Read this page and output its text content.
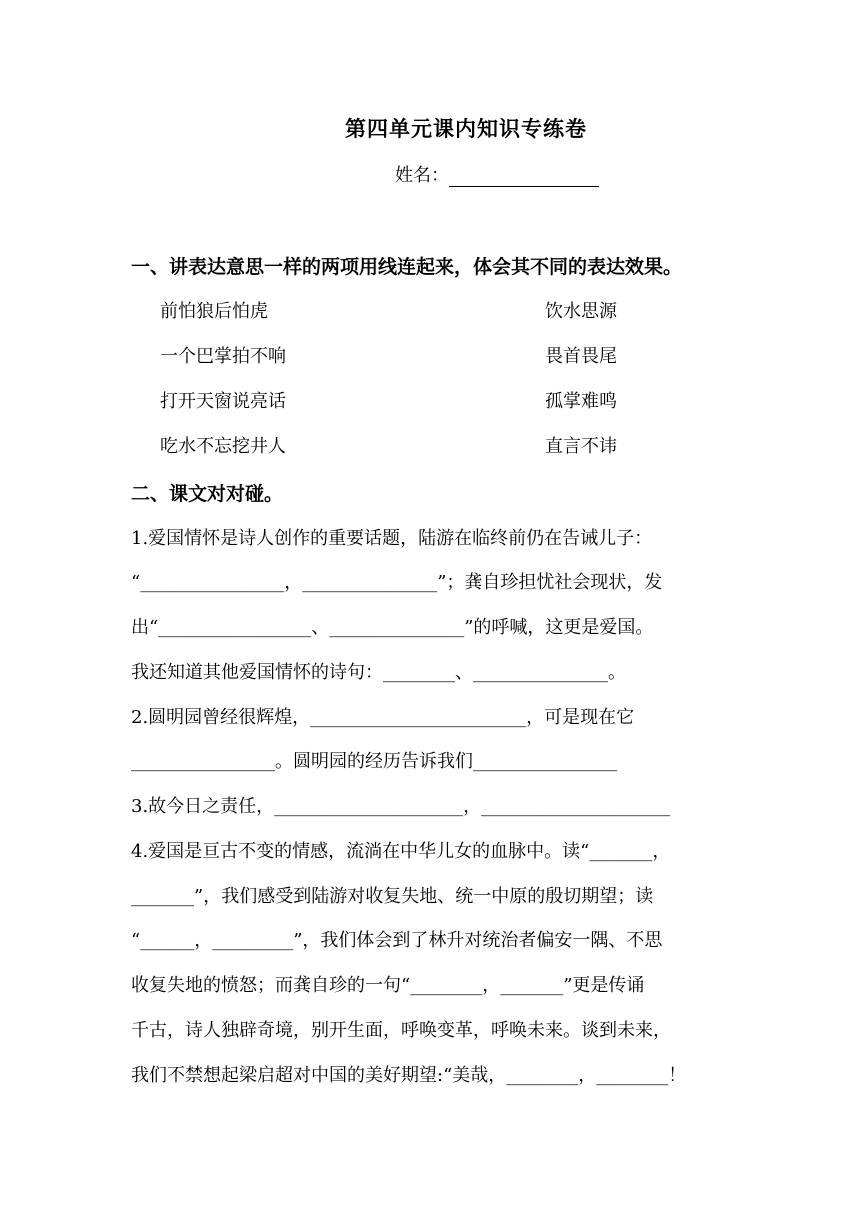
第四单元课内知识专练卷
姓名：
一、讲表达意思一样的两项用线连起来，体会其不同的表达效果。
前怕狼后怕虎	饮水思源
一个巴掌拍不响	畏首畏尾
打开天窗说亮话	孤掌难鸣
吃水不忘挖井人	直言不讳
二、课文对对碰。
1.爱国情怀是诗人创作的重要话题，陆游在临终前仍在告诫儿子：
“________________，_______________”；龚自珍担忧社会现状，发
出“_________________、_______________”的呼喊，这更是爱国。
我还知道其他爱国情怀的诗句：________、_______________。
2.圆明园曾经很辉煌，________________________，可是现在它
________________。圆明园的经历告诉我们________________
3.故今日之责任，_____________________，_____________________
4.爱国是亘古不变的情感，流淌在中华儿女的血脉中。读“_______，
_______”，我们感受到陆游对收复失地、统一中原的殷切期望；读
“______，_________”，我们体会到了林升对统治者偏安一隅、不思
收复失地的愤怒；而龚自珍的一句“________，_______”更是传诵
千古，诗人独辟奇境，别开生面，呼唤变革，呼唤未来。谈到未来，
我们不禁想起梁启超对中国的美好期望:“美哉，________，________！
